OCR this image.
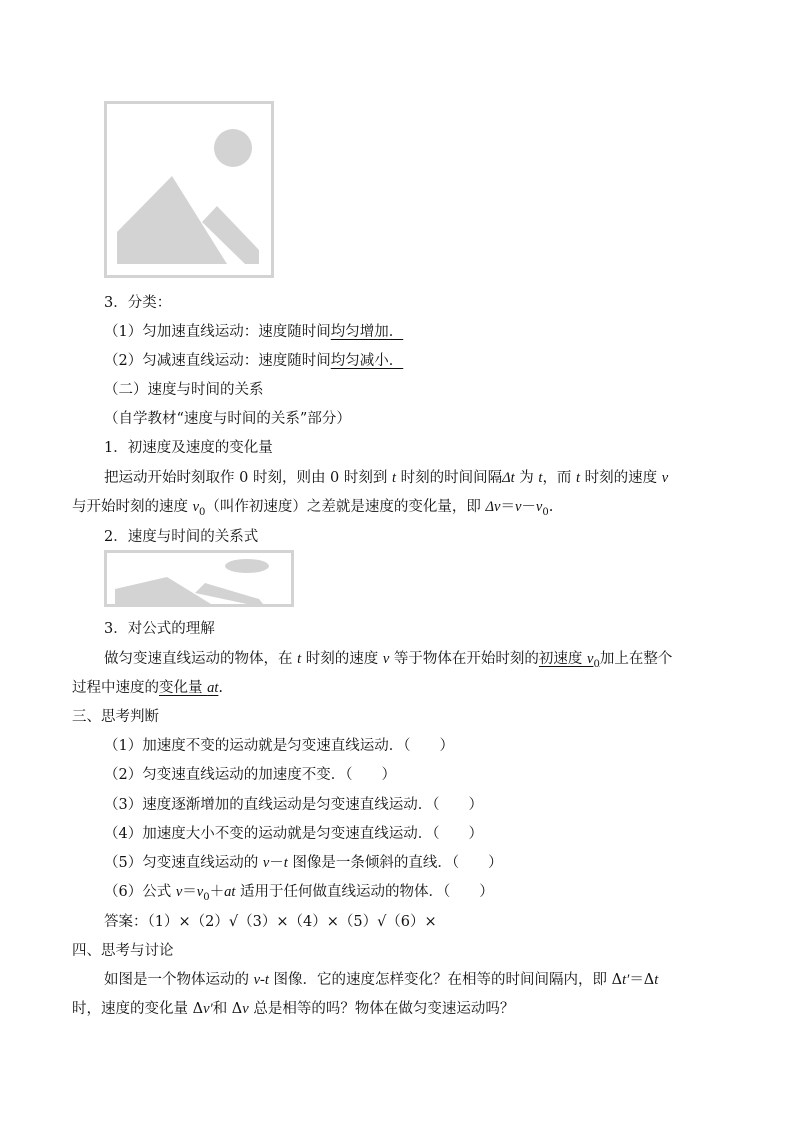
3．分类：
（1）匀加速直线运动：速度随时间均匀增加．
（2）匀减速直线运动：速度随时间均匀减小．
（二）速度与时间的关系
（自学教材“速度与时间的关系”部分）
1．初速度及速度的变化量
把运动开始时刻取作 0 时刻，则由 0 时刻到 t 时刻的时间间隔Δt 为 t，而 t 时刻的速度 v
与开始时刻的速度 $v_0$（叫作初速度）之差就是速度的变化量，即 $\Delta v=v-v_0$.
2．速度与时间的关系式
3．对公式的理解
做匀变速直线运动的物体，在 t 时刻的速度 v 等于物体在开始时刻的初速度 $v_0$加上在整个
过程中速度的变化量 at.
三、思考判断
（1）加速度不变的运动就是匀变速直线运动．（　　）
（2）匀变速直线运动的加速度不变．（　　）
（3）速度逐渐增加的直线运动是匀变速直线运动．（　　）
（4）加速度大小不变的运动就是匀变速直线运动．（　　）
（5）匀变速直线运动的 v－t 图像是一条倾斜的直线．（　　）
（6）公式 $v=v_0+at$ 适用于任何做直线运动的物体．（　　）
答案：（1）×（2）√（3）×（4）×（5）√（6）×
四、思考与讨论
如图是一个物体运动的 v-t 图像．它的速度怎样变化？在相等的时间间隔内，即 Δt′＝Δt
时，速度的变化量 Δv′和 Δv 总是相等的吗？物体在做匀变速运动吗？
